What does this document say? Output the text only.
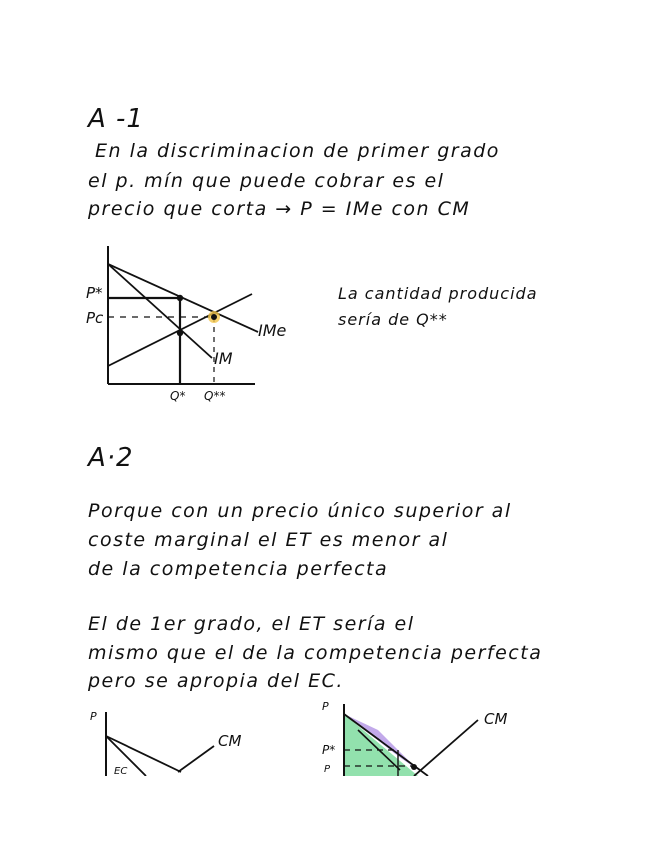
A -1
En la discriminacion de primer grado
el p. mín que puede cobrar es el
precio que corta → P = IMe con CM
P*
Pc
IMe
IM
Q* Q**
La cantidad producida
sería de Q**
A·2
Porque con un precio único superior al
coste marginal el ET es menor al
de la competencia perfecta
El de 1er grado, el ET sería el
mismo que el de la competencia perfecta
pero se apropia del EC.
P
CM
EC
P
P*
P
CM
